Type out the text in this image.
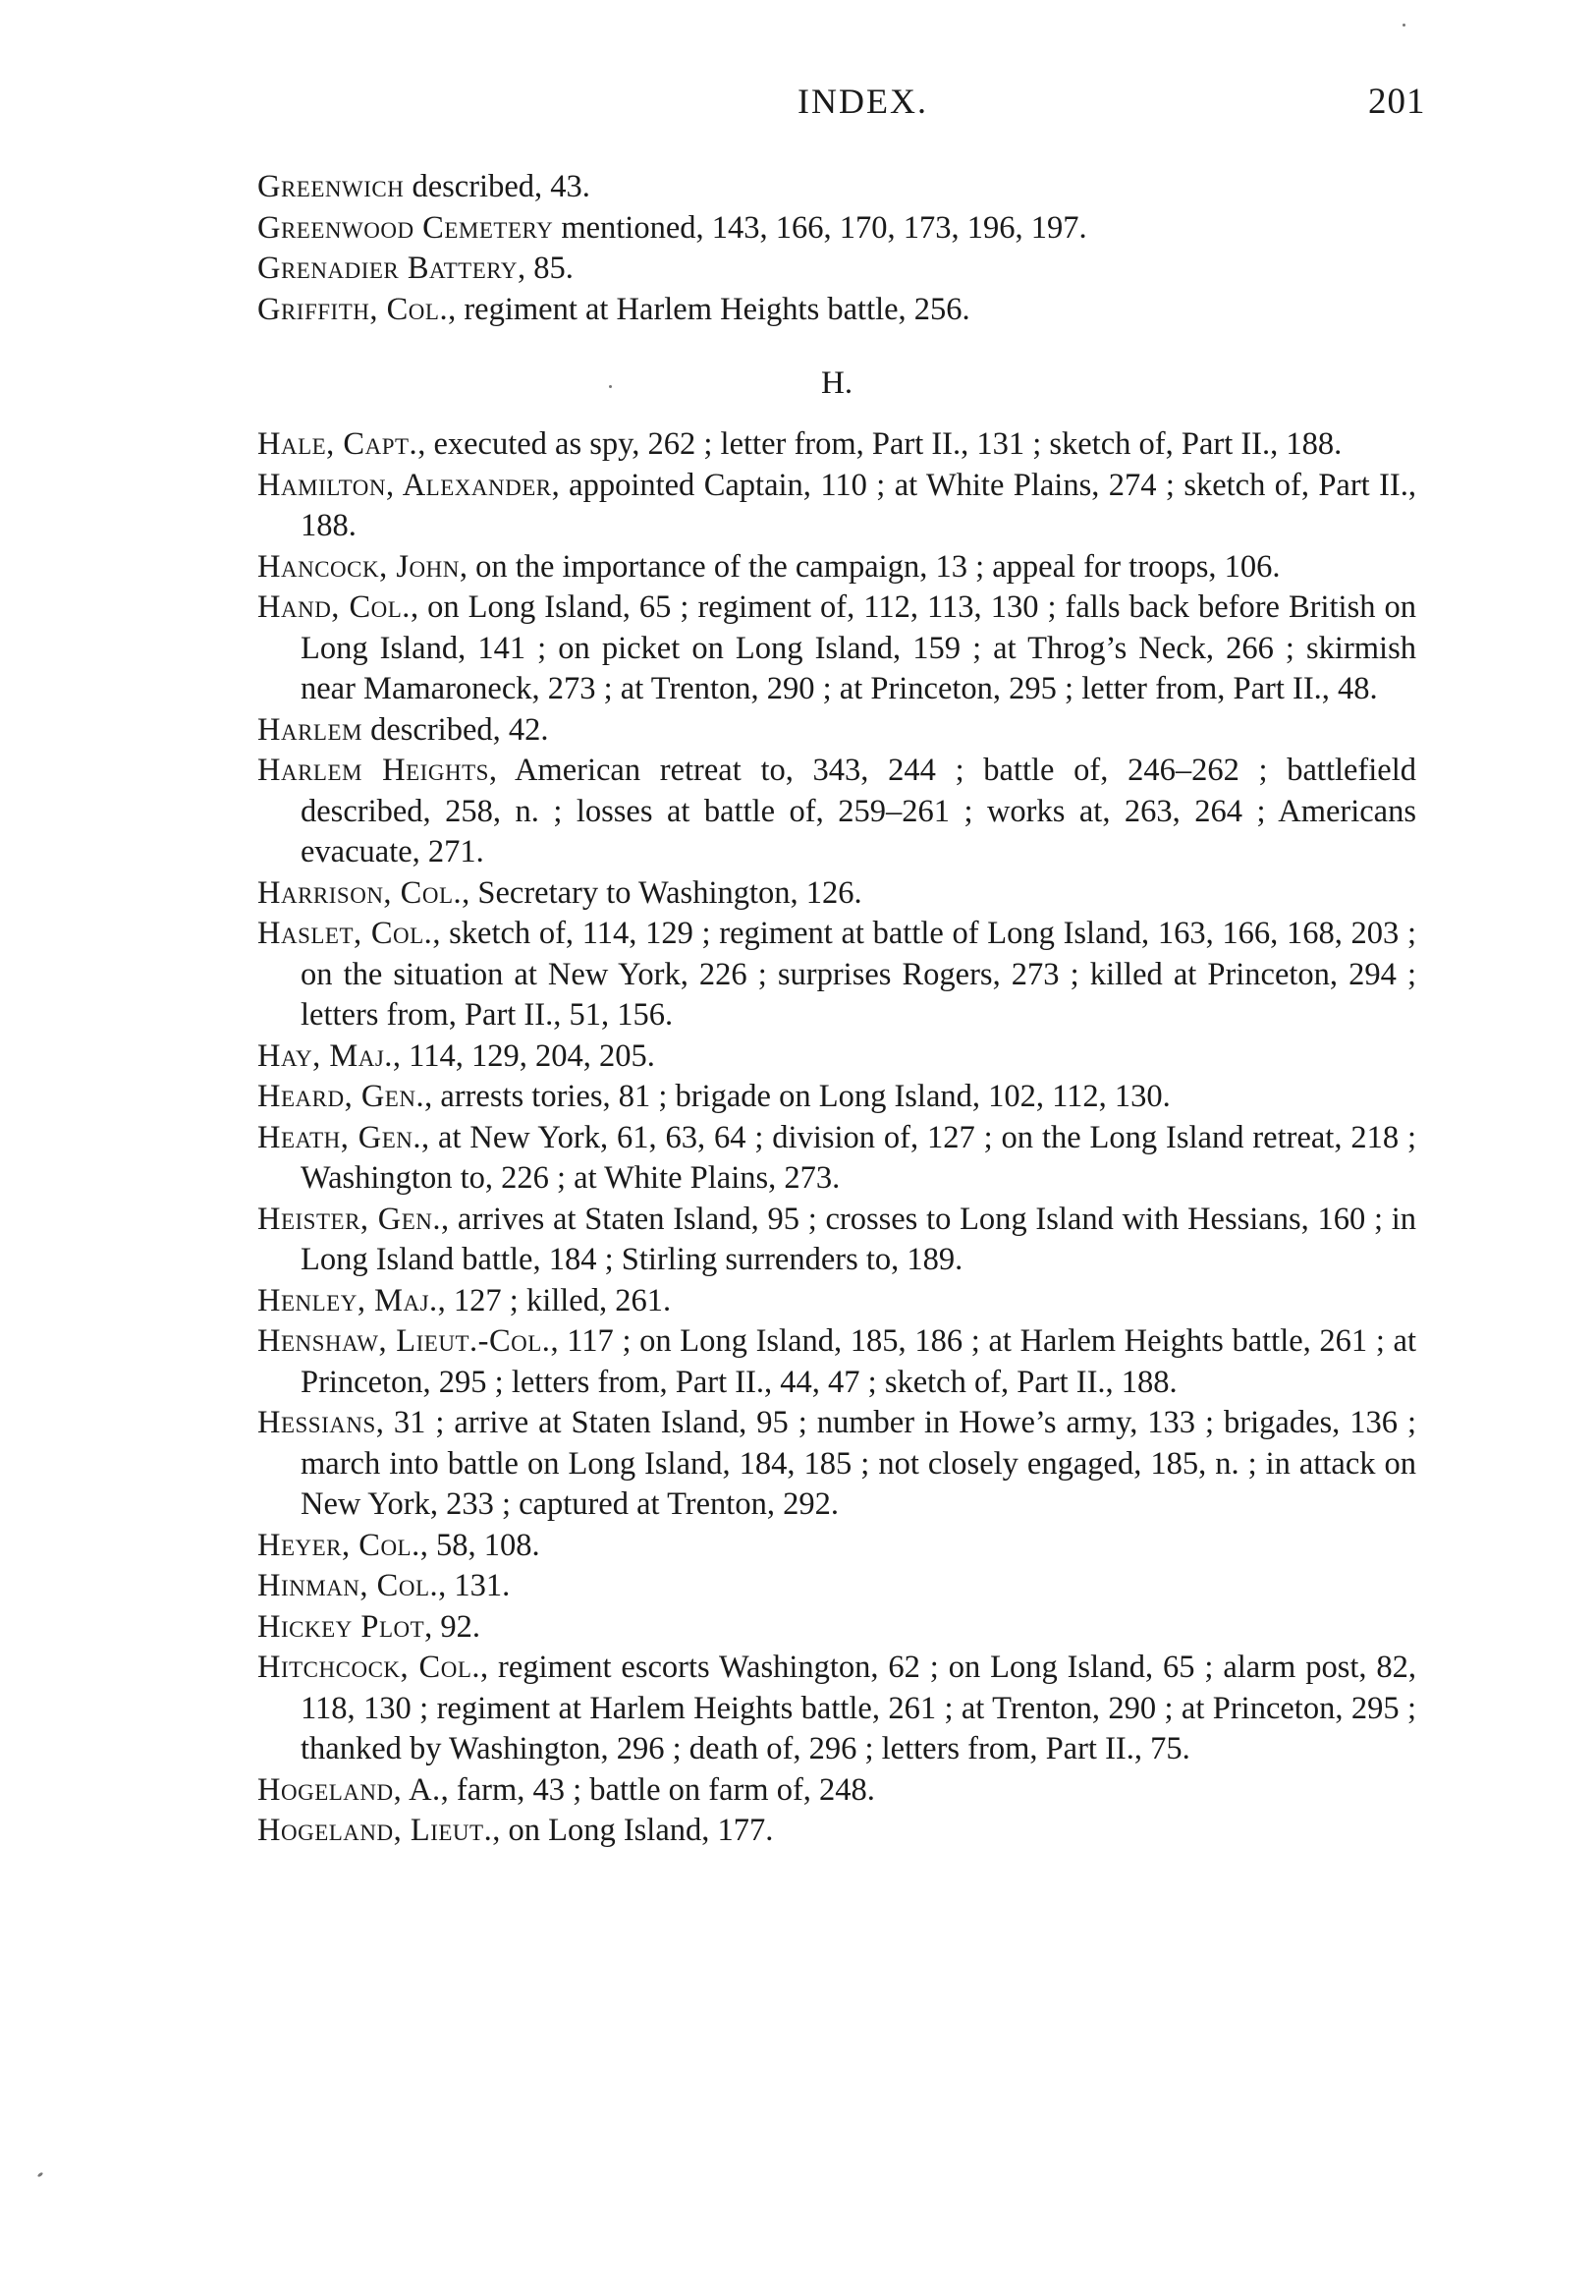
INDEX.	201

Greenwich described, 43.

Greenwood Cemetery mentioned, 143, 166, 170, 173, 196, 197.

Grenadier Battery, 85.

Griffith, Col., regiment at Harlem Heights battle, 256.

H.

Hale, Capt., executed as spy, 262 ; letter from, Part II., 131 ; sketch of, Part II., 188.

Hamilton, Alexander, appointed Captain, 110 ; at White Plains, 274 ; sketch of, Part II., 188.

Hancock, John, on the importance of the campaign, 13 ; appeal for troops, 106.

Hand, Col., on Long Island, 65 ; regiment of, 112, 113, 130 ; falls back before British on Long Island, 141 ; on picket on Long Island, 159 ; at Throg’s Neck, 266 ; skirmish near Mamaroneck, 273 ; at Trenton, 290 ; at Princeton, 295 ; letter from, Part II., 48.

Harlem described, 42.

Harlem Heights, American retreat to, 343, 244 ; battle of, 246–262 ; battlefield described, 258, n. ; losses at battle of, 259–261 ; works at, 263, 264 ; Americans evacuate, 271.

Harrison, Col., Secretary to Washington, 126.

Haslet, Col., sketch of, 114, 129 ; regiment at battle of Long Island, 163, 166, 168, 203 ; on the situation at New York, 226 ; surprises Rogers, 273 ; killed at Princeton, 294 ; letters from, Part II., 51, 156.

Hay, Maj., 114, 129, 204, 205.

Heard, Gen., arrests tories, 81 ; brigade on Long Island, 102, 112, 130.

Heath, Gen., at New York, 61, 63, 64 ; division of, 127 ; on the Long Island retreat, 218 ; Washington to, 226 ; at White Plains, 273.

Heister, Gen., arrives at Staten Island, 95 ; crosses to Long Island with Hessians, 160 ; in Long Island battle, 184 ; Stirling surrenders to, 189.

Henley, Maj., 127 ; killed, 261.

Henshaw, Lieut.-Col., 117 ; on Long Island, 185, 186 ; at Harlem Heights battle, 261 ; at Princeton, 295 ; letters from, Part II., 44, 47 ; sketch of, Part II., 188.

Hessians, 31 ; arrive at Staten Island, 95 ; number in Howe’s army, 133 ; brigades, 136 ; march into battle on Long Island, 184, 185 ; not closely engaged, 185, n. ; in attack on New York, 233 ; captured at Trenton, 292.

Heyer, Col., 58, 108.

Hinman, Col., 131.

Hickey Plot, 92.

Hitchcock, Col., regiment escorts Washington, 62 ; on Long Island, 65 ; alarm post, 82, 118, 130 ; regiment at Harlem Heights battle, 261 ; at Trenton, 290 ; at Princeton, 295 ; thanked by Washington, 296 ; death of, 296 ; letters from, Part II., 75.

Hogeland, A., farm, 43 ; battle on farm of, 248.

Hogeland, Lieut., on Long Island, 177.
